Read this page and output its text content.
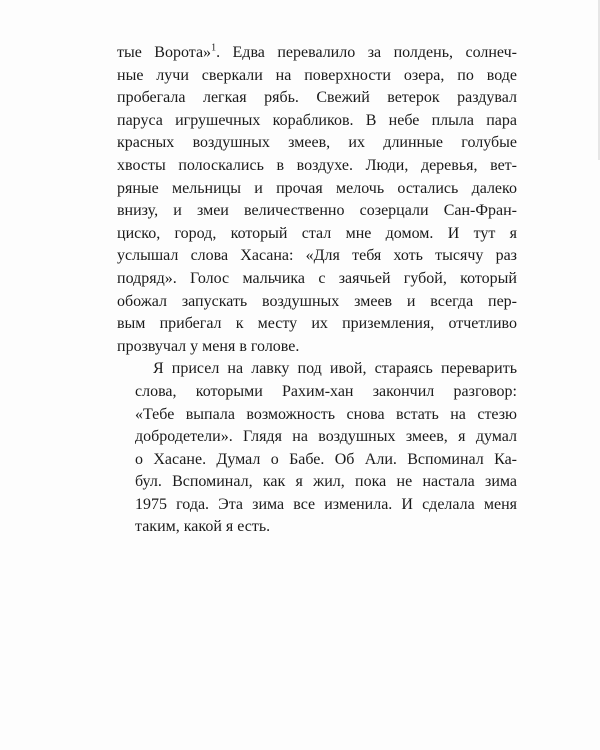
тые Ворота»$^1$. Едва перевалило за полдень, солнеч-
ные лучи сверкали на поверхности озера, по воде
пробегала легкая рябь. Свежий ветерок раздувал
паруса игрушечных корабликов. В небе плыла пара
красных воздушных змеев, их длинные голубые
хвосты полоскались в воздухе. Люди, деревья, вет-
ряные мельницы и прочая мелочь остались далеко
внизу, и змеи величественно созерцали Сан-Фран-
циско, город, который стал мне домом. И тут я
услышал слова Хасана: «Для тебя хоть тысячу раз
подряд». Голос мальчика с заячьей губой, который
обожал запускать воздушных змеев и всегда пер-
вым прибегал к месту их приземления, отчетливо
прозвучал у меня в голове.
Я присел на лавку под ивой, стараясь переварить
слова, которыми Рахим-хан закончил разговор:
«Тебе выпала возможность снова встать на стезю
добродетели». Глядя на воздушных змеев, я думал
о Хасане. Думал о Бабе. Об Али. Вспоминал Ка-
бул. Вспоминал, как я жил, пока не настала зима
1975 года. Эта зима все изменила. И сделала меня
таким, какой я есть.
